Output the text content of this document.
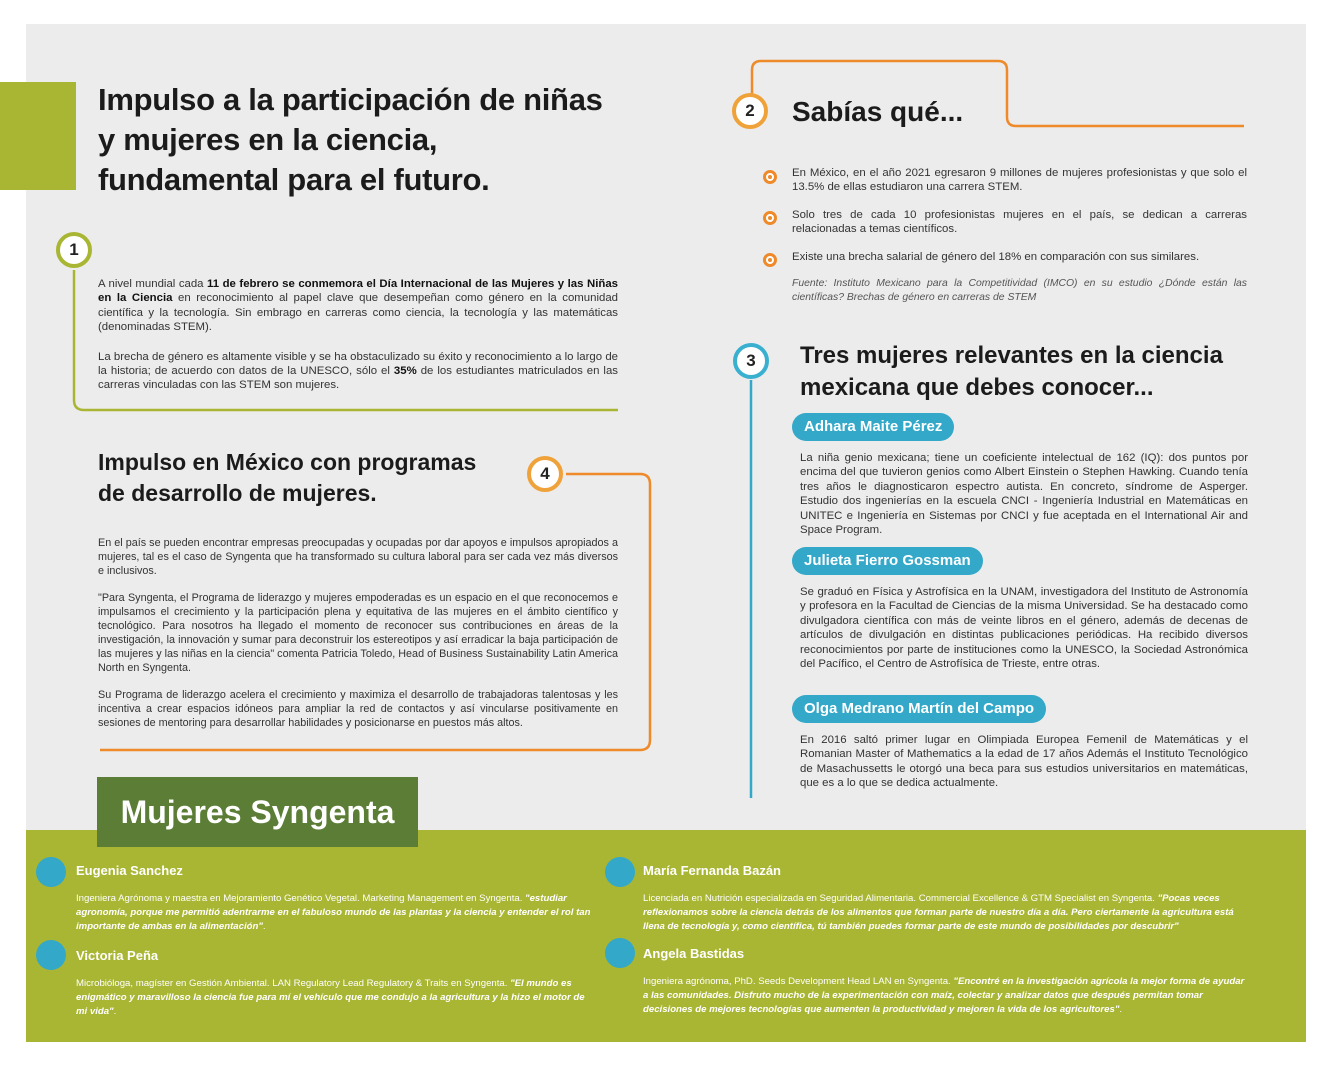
Impulso a la participación de niñas
y mujeres en la ciencia,
fundamental para el futuro.
1

A nivel mundial cada 11 de febrero se conmemora el Día Internacional de las Mujeres y las Niñas en la Ciencia en reconocimiento al papel clave que desempeñan como género en la comunidad científica y la tecnología. Sin embrago en carreras como ciencia, la tecnología y las matemáticas (denominadas STEM).

La brecha de género es altamente visible y se ha obstaculizado su éxito y reconocimiento a lo largo de la historia; de acuerdo con datos de la UNESCO, sólo el 35% de los estudiantes matriculados en las carreras vinculadas con las STEM son mujeres.

2	Sabías qué...

En México, en el año 2021 egresaron 9 millones de mujeres profesionistas y que solo el 13.5% de ellas estudiaron una carrera STEM.

Solo tres de cada 10 profesionistas mujeres en el país, se dedican a carreras relacionadas a temas científicos.

Existe una brecha salarial de género del 18% en comparación con sus similares.

Fuente: Instituto Mexicano para la Competitividad (IMCO) en su estudio ¿Dónde están las científicas? Brechas de género en carreras de STEM

3	Tres mujeres relevantes en la ciencia
mexicana que debes conocer...
Adhara Maite Pérez

La niña genio mexicana; tiene un coeficiente intelectual de 162 (IQ): dos puntos por encima del que tuvieron genios como Albert Einstein o Stephen Hawking. Cuando tenía tres años le diagnosticaron espectro autista. En concreto, síndrome de Asperger. Estudio dos ingenierías en la escuela CNCI - Ingeniería Industrial en Matemáticas en UNITEC e Ingeniería en Sistemas por CNCI y fue aceptada en el International Air and Space Program.

Julieta Fierro Gossman

Se graduó en Física y Astrofísica en la UNAM, investigadora del Instituto de Astronomía y profesora en la Facultad de Ciencias de la misma Universidad. Se ha destacado como divulgadora científica con más de veinte libros en el género, además de decenas de artículos de divulgación en distintas publicaciones periódicas. Ha recibido diversos reconocimientos por parte de instituciones como la UNESCO, la Sociedad Astronómica del Pacífico, el Centro de Astrofísica de Trieste, entre otras.

Olga Medrano Martín del Campo

En 2016 saltó primer lugar en Olimpiada Europea Femenil de Matemáticas y el Romanian Master of Mathematics a la edad de 17 años Además el Instituto Tecnológico de Masachussetts le otorgó una beca para sus estudios universitarios en matemáticas, que es a lo que se dedica actualmente.

Impulso en México con programas
de desarrollo de mujeres.
4

En el país se pueden encontrar empresas preocupadas y ocupadas por dar apoyos e impulsos apropiados a mujeres, tal es el caso de Syngenta que ha transformado su cultura laboral para ser cada vez más diversos e inclusivos.

"Para Syngenta, el Programa de liderazgo y mujeres empoderadas es un espacio en el que reconocemos e impulsamos el crecimiento y la participación plena y equitativa de las mujeres en el ámbito científico y tecnológico. Para nosotros ha llegado el momento de reconocer sus contribuciones en áreas de la investigación, la innovación y sumar para deconstruir los estereotipos y así erradicar la baja participación de las mujeres y las niñas en la ciencia" comenta Patricia Toledo, Head of Business Sustainability Latin America North en Syngenta.

Su Programa de liderazgo acelera el crecimiento y maximiza el desarrollo de trabajadoras talentosas y les incentiva a crear espacios idóneos para ampliar la red de contactos y así vincularse positivamente en sesiones de mentoring para desarrollar habilidades y posicionarse en puestos más altos.

Mujeres Syngenta
Eugenia Sanchez

Ingeniera Agrónoma y maestra en Mejoramiento Genético Vegetal. Marketing Management en Syngenta. "estudiar agronomía, porque me permitió adentrarme en el fabuloso mundo de las plantas y la ciencia y entender el rol tan importante de ambas en la alimentación".

María Fernanda Bazán

Licenciada en Nutrición especializada en Seguridad Alimentaria. Commercial Excellence & GTM Specialist en Syngenta. "Pocas veces reflexionamos sobre la ciencia detrás de los alimentos que forman parte de nuestro día a día. Pero ciertamente la agricultura está llena de tecnología y, como científica, tú también puedes formar parte de este mundo de posibilidades por descubrir"

Victoria Peña

Microbióloga, magíster en Gestión Ambiental. LAN Regulatory Lead Regulatory & Traits en Syngenta. "El mundo es enigmático y maravilloso la ciencia fue para mí el vehículo que me condujo a la agricultura y la hizo el motor de mi vida".

Angela Bastidas

Ingeniera agrónoma, PhD. Seeds Development Head LAN en Syngenta. "Encontré en la investigación agrícola la mejor forma de ayudar a las comunidades. Disfruto mucho de la experimentación con maíz, colectar y analizar datos que después permitan tomar decisiones de mejores tecnologías que aumenten la productividad y mejoren la vida de los agricultores".
